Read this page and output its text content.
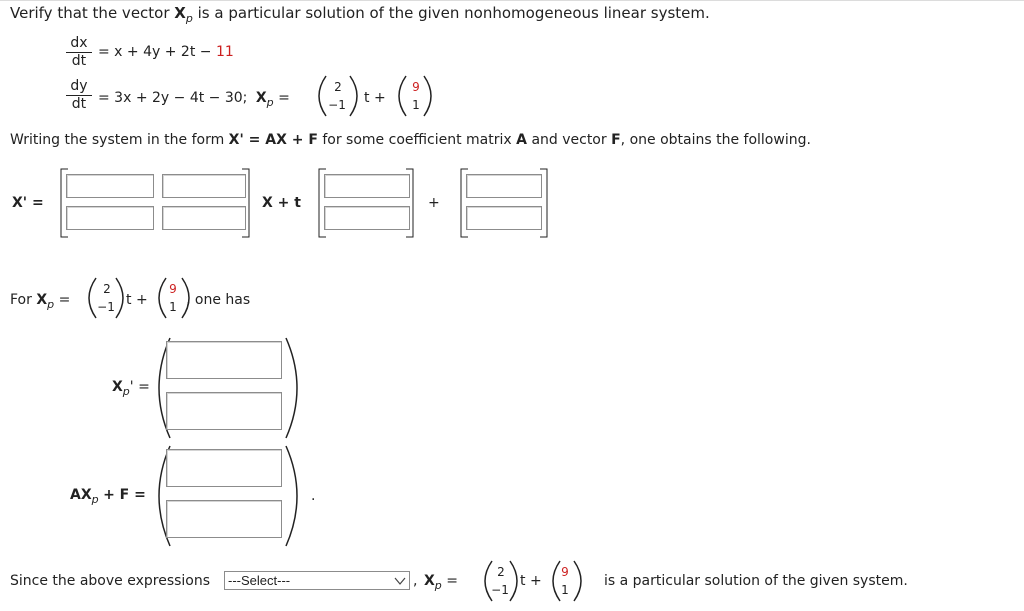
Verify that the vector $X_p$ is a particular solution of the given nonhomogeneous linear system.
dx
dt
= x + 4y + 2t − 11
dy
dt = 3x + 2y − 4t − 30; $X_p$ =
2
−1 t +
9
1
Writing the system in the form X' = AX + F for some coefficient matrix A and vector F, one obtains the following.
X' =	X + t	+
For $X_p$ =
2
−1 t +
9
1 , one has
$X_p'$ =
$AX_p + F$ =	.
Since the above expressions ---Select---	, $X_p$ =
2
−1
t +
9
1
is a particular solution of the given system.
